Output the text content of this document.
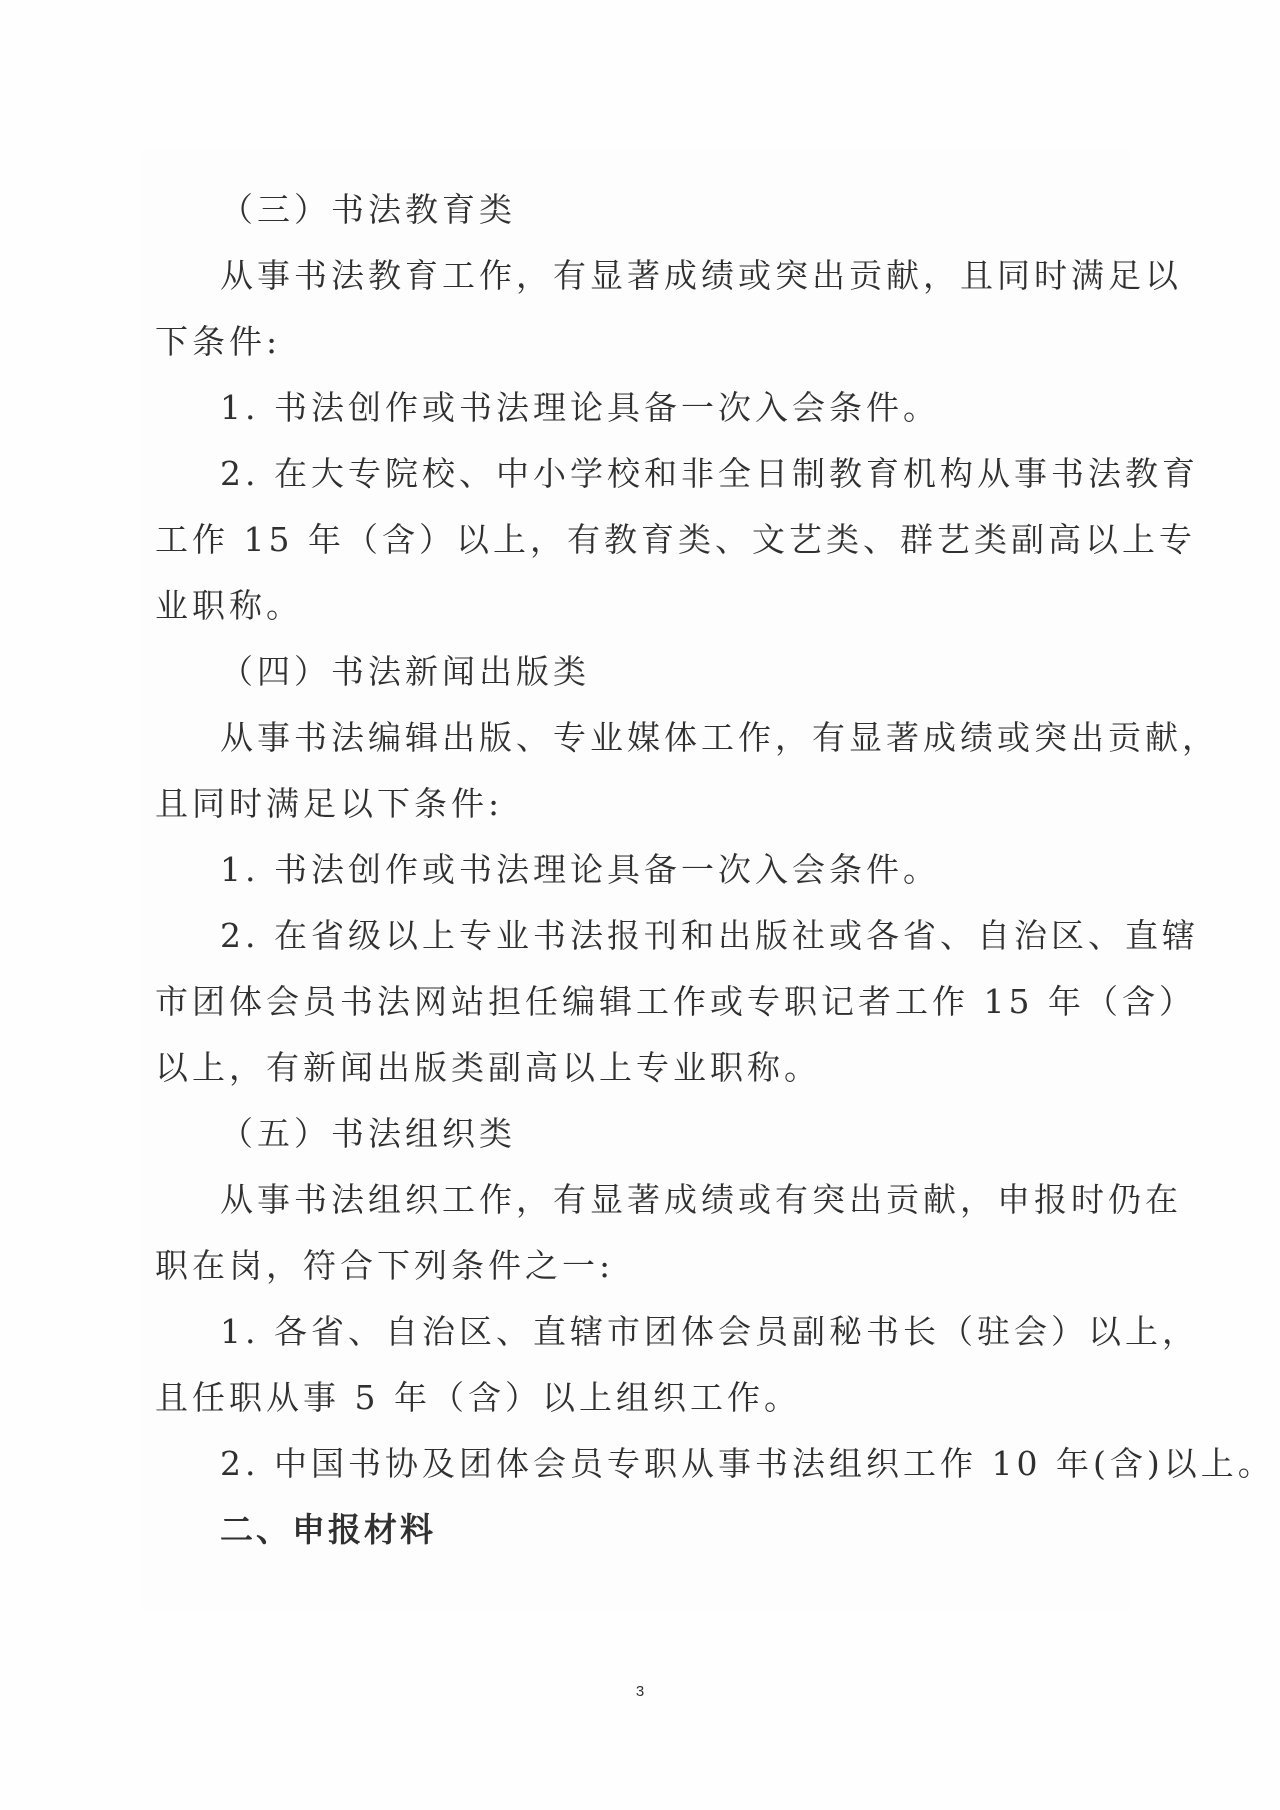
（三）书法教育类
从事书法教育工作，有显著成绩或突出贡献，且同时满足以
下条件:
1. 书法创作或书法理论具备一次入会条件。
2. 在大专院校、中小学校和非全日制教育机构从事书法教育
工作 15 年（含）以上，有教育类、文艺类、群艺类副高以上专
业职称。
（四）书法新闻出版类
从事书法编辑出版、专业媒体工作，有显著成绩或突出贡献，
且同时满足以下条件:
1. 书法创作或书法理论具备一次入会条件。
2. 在省级以上专业书法报刊和出版社或各省、自治区、直辖
市团体会员书法网站担任编辑工作或专职记者工作 15 年（含）
以上，有新闻出版类副高以上专业职称。
（五）书法组织类
从事书法组织工作，有显著成绩或有突出贡献，申报时仍在
职在岗，符合下列条件之一:
1. 各省、自治区、直辖市团体会员副秘书长（驻会）以上，
且任职从事 5 年（含）以上组织工作。
2. 中国书协及团体会员专职从事书法组织工作 10 年(含)以上。
二、申报材料
3
